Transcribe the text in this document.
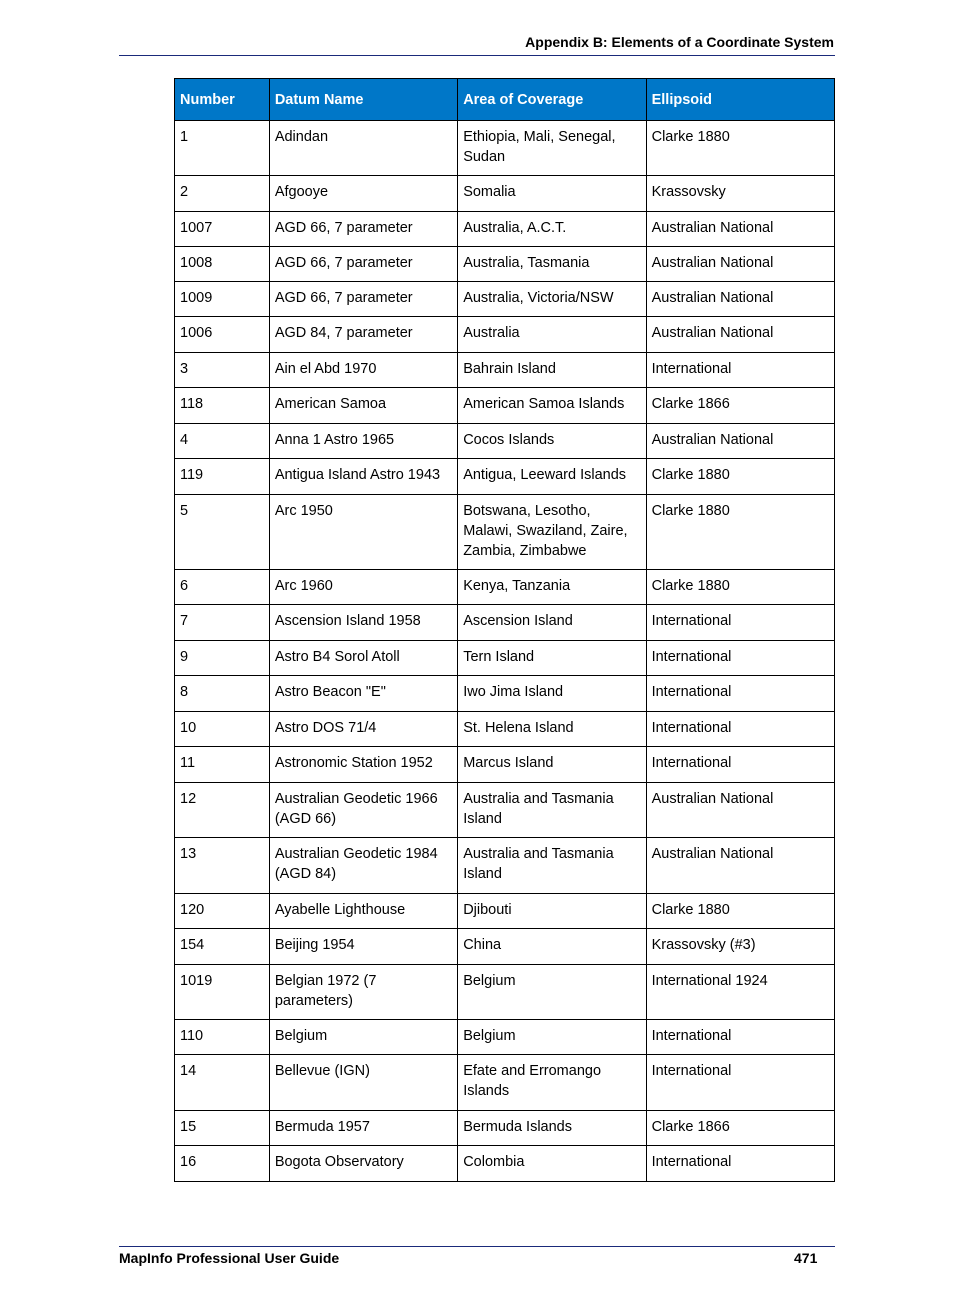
Appendix B: Elements of a Coordinate System
Number	Datum Name	Area of Coverage	Ellipsoid
1	Adindan	Ethiopia, Mali, Senegal, Sudan	Clarke 1880
2	Afgooye	Somalia	Krassovsky
1007	AGD 66, 7 parameter	Australia, A.C.T.	Australian National
1008	AGD 66, 7 parameter	Australia, Tasmania	Australian National
1009	AGD 66, 7 parameter	Australia, Victoria/NSW	Australian National
1006	AGD 84, 7 parameter	Australia	Australian National
3	Ain el Abd 1970	Bahrain Island	International
118	American Samoa	American Samoa Islands	Clarke 1866
4	Anna 1 Astro 1965	Cocos Islands	Australian National
119	Antigua Island Astro 1943	Antigua, Leeward Islands	Clarke 1880
5	Arc 1950	Botswana, Lesotho, Malawi, Swaziland, Zaire, Zambia, Zimbabwe	Clarke 1880
6	Arc 1960	Kenya, Tanzania	Clarke 1880
7	Ascension Island 1958	Ascension Island	International
9	Astro B4 Sorol Atoll	Tern Island	International
8	Astro Beacon "E"	Iwo Jima Island	International
10	Astro DOS 71/4	St. Helena Island	International
11	Astronomic Station 1952	Marcus Island	International
12	Australian Geodetic 1966 (AGD 66)	Australia and Tasmania Island	Australian National
13	Australian Geodetic 1984 (AGD 84)	Australia and Tasmania Island	Australian National
120	Ayabelle Lighthouse	Djibouti	Clarke 1880
154	Beijing 1954	China	Krassovsky (#3)
1019	Belgian 1972 (7 parameters)	Belgium	International 1924
110	Belgium	Belgium	International
14	Bellevue (IGN)	Efate and Erromango Islands	International
15	Bermuda 1957	Bermuda Islands	Clarke 1866
16	Bogota Observatory	Colombia	International
MapInfo Professional User Guide	471
